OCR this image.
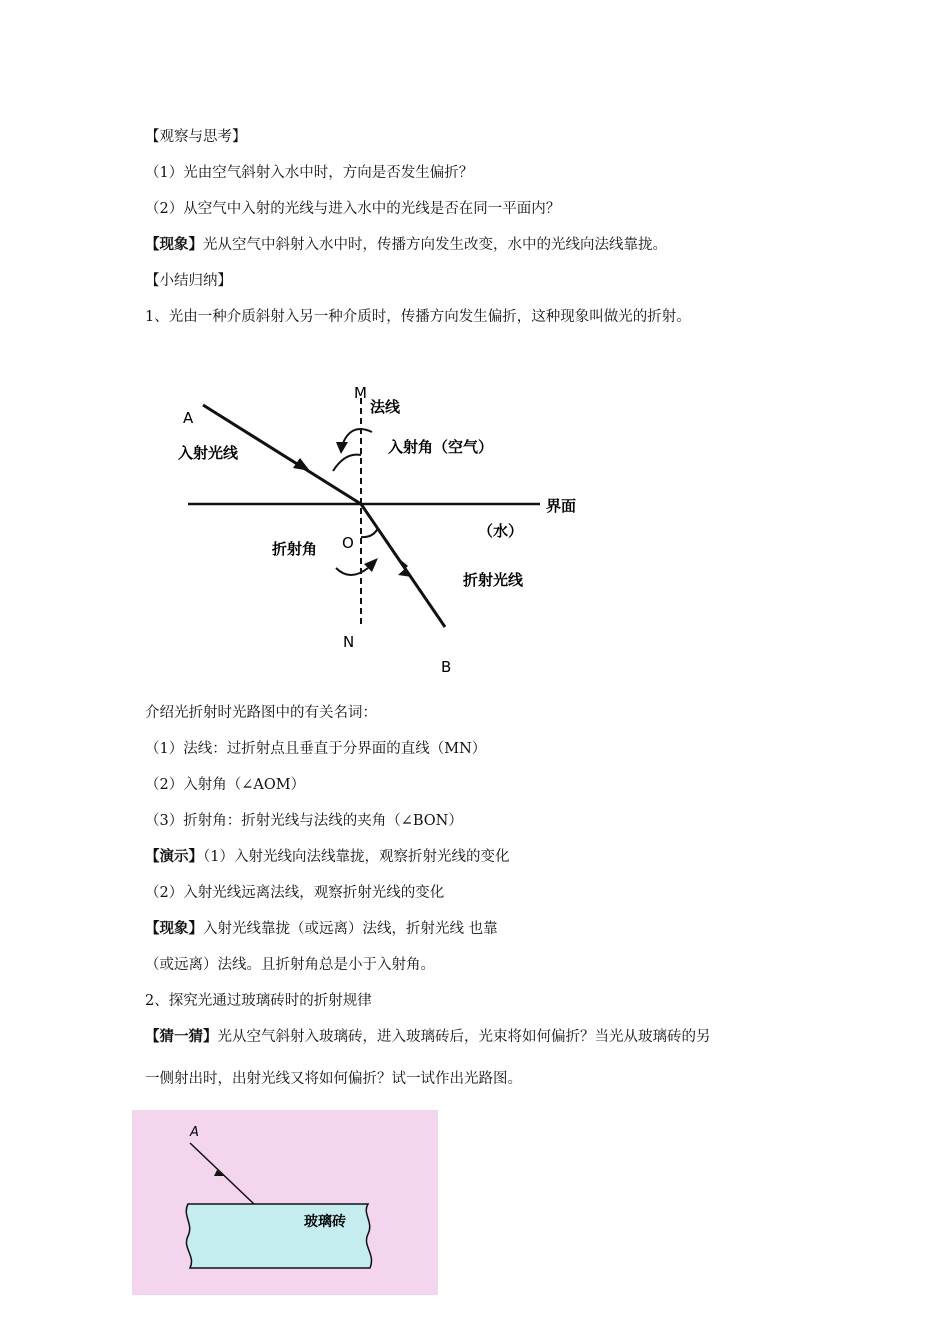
【观察与思考】
（1）光由空气斜射入水中时，方向是否发生偏折？
（2）从空气中入射的光线与进入水中的光线是否在同一平面内？
【现象】光从空气中斜射入水中时，传播方向发生改变，水中的光线向法线靠拢。
【小结归纳】
1、光由一种介质斜射入另一种介质时，传播方向发生偏折，这种现象叫做光的折射。
A
M
法线
入射光线	入射角（空气）
界面
（水）
O
折射角
折射光线
N
B
介绍光折射时光路图中的有关名词：
（1）法线：过折射点且垂直于分界面的直线（MN）
（2）入射角（∠AOM）
（3）折射角：折射光线与法线的夹角（∠BON）
【演示】（1）入射光线向法线靠拢，观察折射光线的变化
（2）入射光线远离法线，观察折射光线的变化
【现象】入射光线靠拢（或远离）法线，折射光线 也靠
（或远离）法线。且折射角总是小于入射角。
2、探究光通过玻璃砖时的折射规律
【猜一猜】光从空气斜射入玻璃砖，进入玻璃砖后，光束将如何偏折？当光从玻璃砖的另
一侧射出时，出射光线又将如何偏折？试一试作出光路图。
A
玻璃砖
